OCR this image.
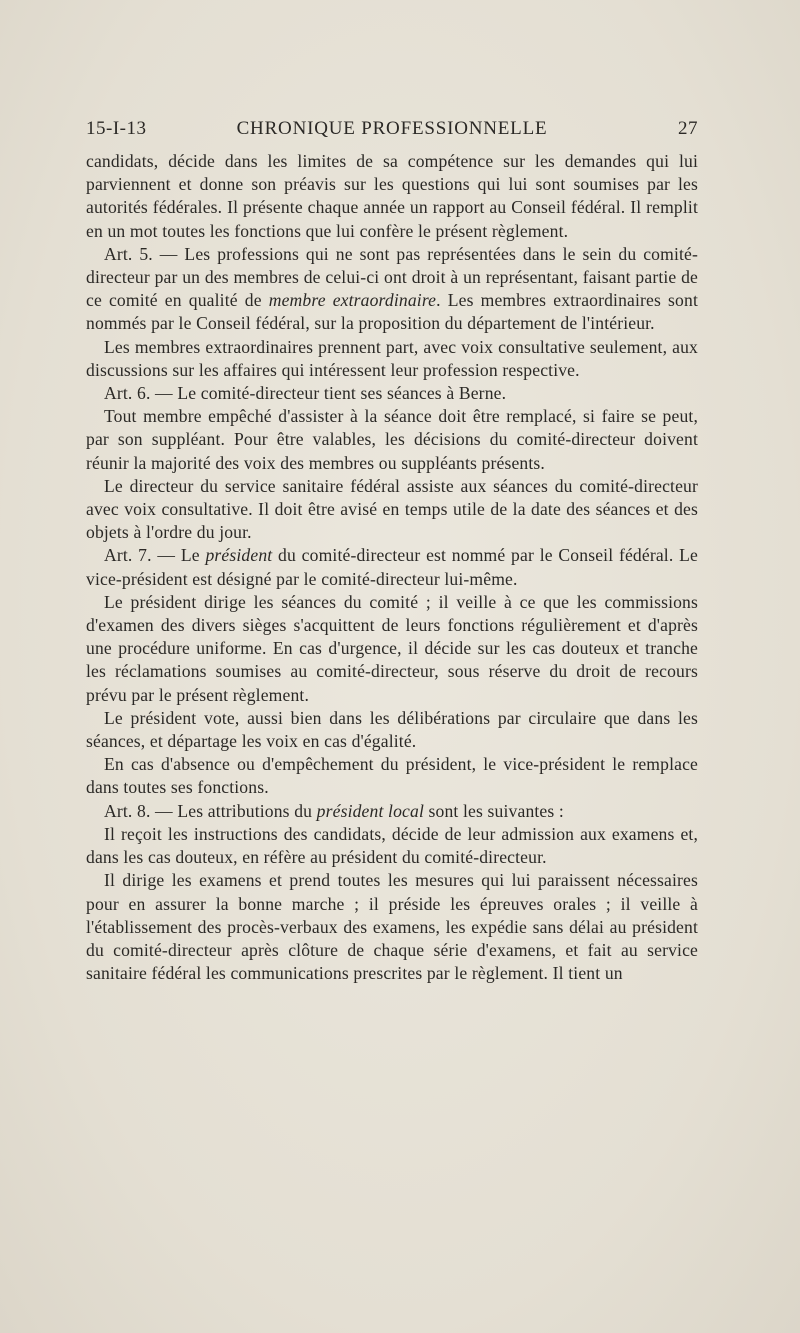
15-I-13	CHRONIQUE PROFESSIONNELLE	27

candidats, décide dans les limites de sa compétence sur les demandes qui lui parviennent et donne son préavis sur les questions qui lui sont soumises par les autorités fédérales. Il présente chaque année un rapport au Conseil fédéral. Il remplit en un mot toutes les fonctions que lui confère le présent règlement.

Art. 5. — Les professions qui ne sont pas représentées dans le sein du comité-directeur par un des membres de celui-ci ont droit à un représentant, faisant partie de ce comité en qualité de membre extraordinaire. Les membres extraordinaires sont nommés par le Conseil fédéral, sur la proposition du département de l'intérieur.

Les membres extraordinaires prennent part, avec voix consultative seulement, aux discussions sur les affaires qui intéressent leur profession respective.

Art. 6. — Le comité-directeur tient ses séances à Berne.

Tout membre empêché d'assister à la séance doit être remplacé, si faire se peut, par son suppléant. Pour être valables, les décisions du comité-directeur doivent réunir la majorité des voix des membres ou suppléants présents.

Le directeur du service sanitaire fédéral assiste aux séances du comité-directeur avec voix consultative. Il doit être avisé en temps utile de la date des séances et des objets à l'ordre du jour.

Art. 7. — Le président du comité-directeur est nommé par le Conseil fédéral. Le vice-président est désigné par le comité-directeur lui-même.

Le président dirige les séances du comité ; il veille à ce que les commissions d'examen des divers sièges s'acquittent de leurs fonctions régulièrement et d'après une procédure uniforme. En cas d'urgence, il décide sur les cas douteux et tranche les réclamations soumises au comité-directeur, sous réserve du droit de recours prévu par le présent règlement.

Le président vote, aussi bien dans les délibérations par circulaire que dans les séances, et départage les voix en cas d'égalité.

En cas d'absence ou d'empêchement du président, le vice-président le remplace dans toutes ses fonctions.

Art. 8. — Les attributions du président local sont les suivantes :

Il reçoit les instructions des candidats, décide de leur admission aux examens et, dans les cas douteux, en réfère au président du comité-directeur.

Il dirige les examens et prend toutes les mesures qui lui paraissent nécessaires pour en assurer la bonne marche ; il préside les épreuves orales ; il veille à l'établissement des procès-verbaux des examens, les expédie sans délai au président du comité-directeur après clôture de chaque série d'examens, et fait au service sanitaire fédéral les communications prescrites par le règlement. Il tient un
